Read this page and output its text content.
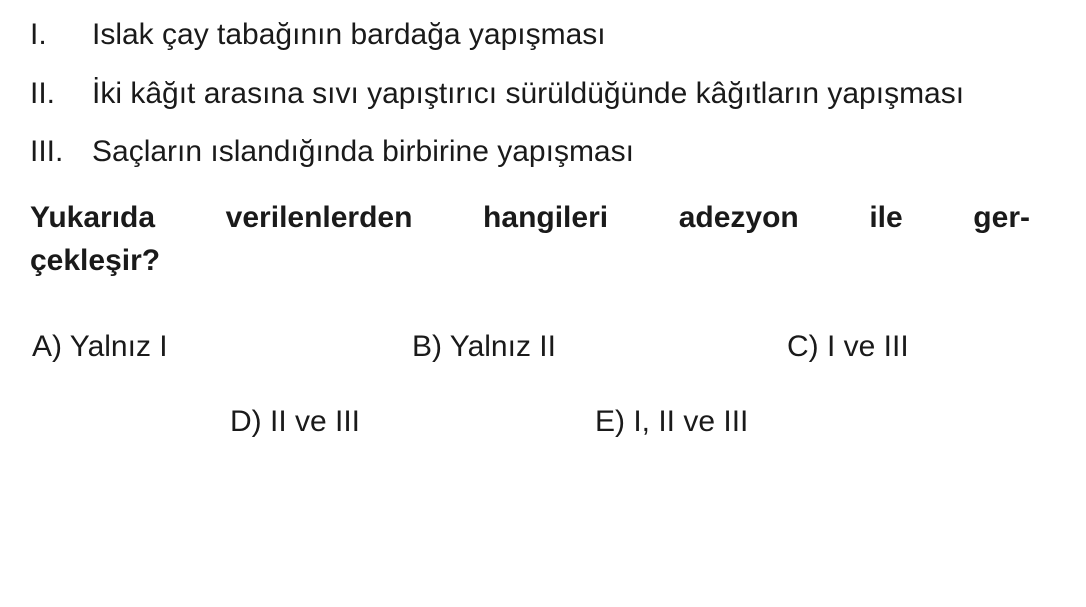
I.	Islak çay tabağının bardağa yapışması
II.	İki kâğıt arasına sıvı yapıştırıcı sürüldüğünde kâğıtların yapışması
III. Saçların ıslandığında birbirine yapışması

Yukarıda verilenlerden hangileri adezyon ile ger-
çekleşir?

A) Yalnız I	B) Yalnız II	C) I ve III
D) II ve III	E) I, II ve III
